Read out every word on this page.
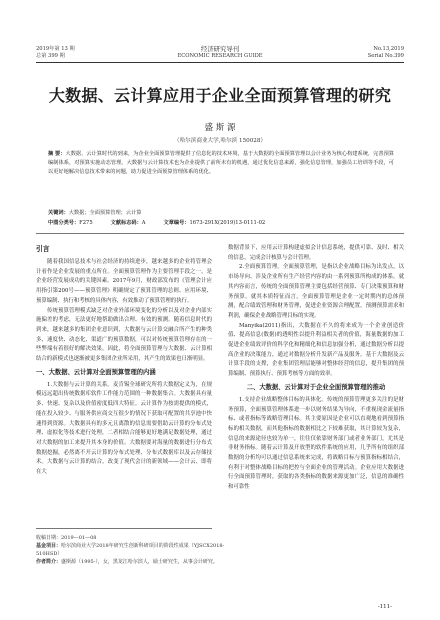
2019年第 13 期
总第 399 期
经济研究导刊
ECONOMIC RESEARCH GUIDE
No.13,2019
Serial No.399
大数据、云计算应用于企业全面预算管理的研究
盛 斯 源
（哈尔滨商业大学,哈尔滨 150028）
摘 要：大数据、云计算时代的到来，为企业全面预算管理提供了信息化的技术环境，基于大数据的全面预算管理以会计业务为核心构建系统，完善预算编制体系，对预算实施动态管理。大数据与云计算技术也为企业提供了前所未有的机遇，通过优化信息来源，强化信息管理，加强员工培训等手段，可以更好地解决信息技术带来的问题，助力促进全面预算管理体系的优化。
关键词：大数据；全面预算管理；云计算
中图分类号：F275	文献标志码：A	文章编号：1673-291X(2019)13-0111-02

引言

随着我国信息技术与社会经济的持续进步，越来越多的企业将管理会计看作是企业发展的重点所在。全面预算管理作为主要管理手段之一，是企业经营发展成功的关键因素。2017年9月，财政部发布的《管理会计应用指引第200号——预算管理》明确规定了预算管理的总则、应用环境、预算编制、执行和考核的具体内容，有效推动了预算管理的执行。

传统预算管理模式缺乏对企业外部环境变化的分析以及对企业内部实施偏差的考虑，无法更好地帮助做出合理、有效的预测。随着信息时代的到来，越来越多的集团企业意识到，大数据与云计算交融合所产生的种类多、速度快、动态化、渠道广的预算数据，可以对传统预算管理存在的一些弊端有着很好的解决效果。因此，将全面预算管理与大数据、云计算相结合的新模式也逐渐被更多集团企业所采用，其产生的效果也日渐明显。

一、大数据、云计算对全面预算管理的内涵

1.大数据与云计算的关系。麦肯锡全球研究所将大数据定义为，在规模远远超出传统数据库软件工作能力范围的一种数据集合。大数据具有量多、快速、复杂以及价值密度低四大特征。云计算作为按需提供的模式，能在投入较少、与服务供应商交互很少的情况下获取可配置的共享池中快速得到资源。大数据具有的多元且离散的信息需要借助云计算的分布式处理、虚拟化等技术进行处理，二者相结合能够更好地满足数据处理，通过对大数据的加工来提升其本身的价值。大数据要对海量的数据进行分布式数据挖掘，必然离不开云计算的分布式处理、分布式数据库以及云存储技术。大数据与云计算的结合，改变了现代会计的新领域——会计云、即将在大

数据背景下，应用云计算构建虚拟会计信息系统，提供可靠、及时、相关的信息，完成会计核算与会计管理。

2.全面预算管理。全面预算管理，是指以企业战略目标为出发点，以市场导向、涉及企业所有生产经营内容的由一系列预算所构成的体系。就其内容而言，传统的全面预算管理主要包括经营预算、专门决策预算和财务预算。就其本质特征而言，全面预算管理是企业一定时期内的总体预测，配合绩效管理和财务管理，促进企业资源合理配置，预测预算需求和利润，确保企业战略管理目标的实现。

Manyika(2011)指出，大数据在不久的将来成为一个企业创造价值、提高信息(数据)的透明性以提升利益相关者的价值，海量数据的加工促进企业绩效评价的科学化和精细化和信息加强分析，通过数据分析以提高企业的决策能力，通过对数据分析升发新产品及服务。基于大数据及云计算手段的支撑，企业集团管理层能够对整体经营的信息，提升集团的预算编制、预算执行、预算考核等方面的效率。

二、大数据、云计算对于企业全面预算管理的推动

1.支持企业战略整体目标的具体化。传统的预算管理更多关注的是财务预算，全面预算管理体系进一步以财务结果为导向，不重视现金流量指标、或者指标等战略管理目标。其主要原因是企业可以直观地看到预算指标的相关数据，而其他指标的数据相比之下较难获取，其计算较为复杂，信息的来源途径也较为单一，往往仅依靠财务部门或者业务部门，尤其是非财务指标。随着云计算及开放型的软件系统的应用，几乎所有的组织部数据的分析均可以通过信息系统来完成，将战略目标与预算指标相结合，有利于对整体战略目标的把控与全面企业的管理活动。企业应用大数据进行全面预算管理时，获取的各类指标的数据来源更加广泛，信息的准确性和可靠性

收稿日期：2019—01—08
基金项目：哈尔滨商业大学2018年研究生创新科研项目的阶段性成果（YJSCX2018-510HSD）
作者简介：盛斯源（1995-），女，黑龙江哈尔滨人，硕士研究生，从事会计研究。
-111-
